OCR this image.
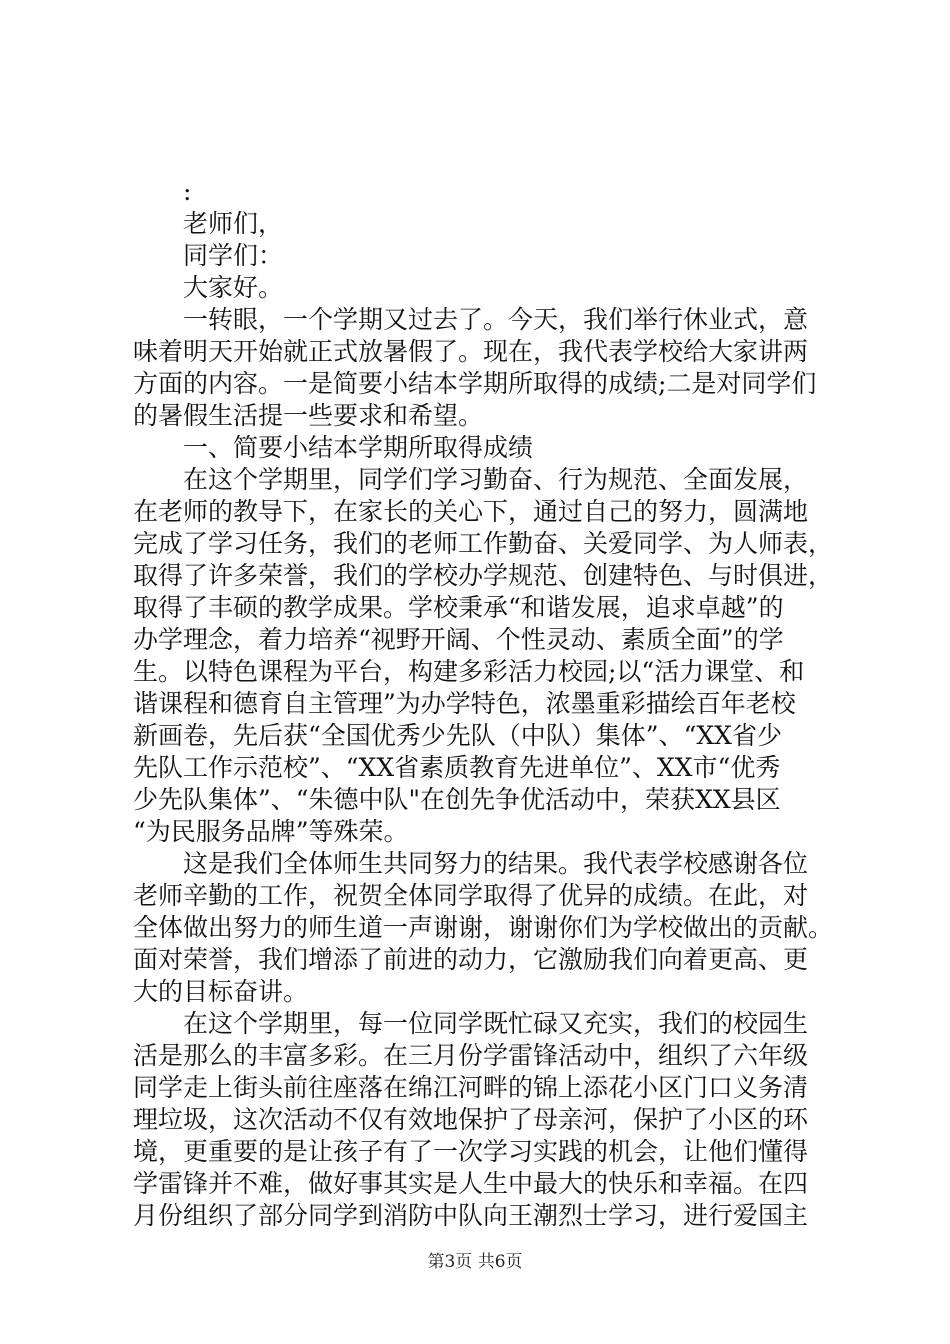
:

老师们，

同学们：

大家好。

一转眼，一个学期又过去了。今天，我们举行休业式，意

味着明天开始就正式放暑假了。现在，我代表学校给大家讲两

方面的内容。一是简要小结本学期所取得的成绩;二是对同学们

的暑假生活提一些要求和希望。

一、简要小结本学期所取得成绩

在这个学期里，同学们学习勤奋、行为规范、全面发展，

在老师的教导下，在家长的关心下，通过自己的努力，圆满地

完成了学习任务，我们的老师工作勤奋、关爱同学、为人师表，

取得了许多荣誉，我们的学校办学规范、创建特色、与时俱进，

取得了丰硕的教学成果。学校秉承“和谐发展，追求卓越”的

办学理念，着力培养“视野开阔、个性灵动、素质全面”的学

生。以特色课程为平台，构建多彩活力校园;以“活力课堂、和

谐课程和德育自主管理”为办学特色，浓墨重彩描绘百年老校

新画卷，先后获“全国优秀少先队（中队）集体”、“XX省少

先队工作示范校”、“XX省素质教育先进单位”、XX市“优秀

少先队集体”、“朱德中队"在创先争优活动中，荣获XX县区

“为民服务品牌”等殊荣。

这是我们全体师生共同努力的结果。我代表学校感谢各位

老师辛勤的工作，祝贺全体同学取得了优异的成绩。在此，对

全体做出努力的师生道一声谢谢，谢谢你们为学校做出的贡献。

面对荣誉，我们增添了前进的动力，它激励我们向着更高、更

大的目标奋讲。

在这个学期里，每一位同学既忙碌又充实，我们的校园生

活是那么的丰富多彩。在三月份学雷锋活动中，组织了六年级

同学走上街头前往座落在绵江河畔的锦上添花小区门口义务清

理垃圾，这次活动不仅有效地保护了母亲河，保护了小区的环

境，更重要的是让孩子有了一次学习实践的机会，让他们懂得

学雷锋并不难，做好事其实是人生中最大的快乐和幸福。在四

月份组织了部分同学到消防中队向王潮烈士学习，进行爱国主

第3页 共6页
